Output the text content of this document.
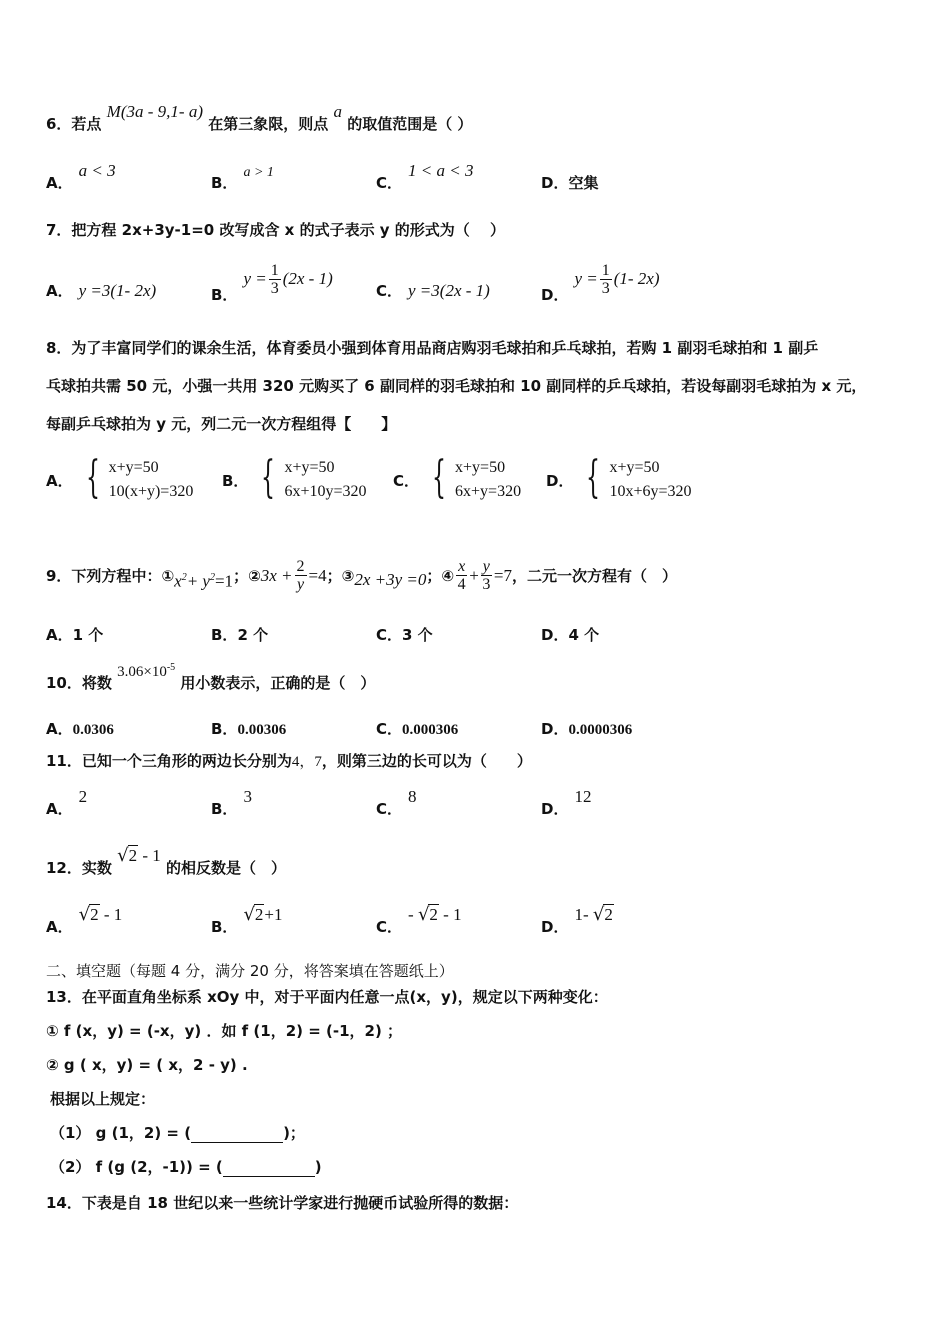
6．若点 M(3a - 9,1- a) 在第三象限，则点 a 的取值范围是（ ）
A．a < 3
B．a > 1
C．1 < a < 3
D．空集
7．把方程 2x+3y-1=0 改写成含 x 的式子表示 y 的形式为（　 ）
A． y =3(1- 2x)	B．$y = \frac{1}{3} (2x - 1)$
C． y =3(2x - 1)	D．$y = \frac{1}{3} (1-$ 2x)
8．为了丰富同学们的课余生活，体育委员小强到体育用品商店购羽毛球拍和乒乓球拍，若购 1 副羽毛球拍和 1 副乒
乓球拍共需 50 元，小强一共用 320 元购买了 6 副同样的羽毛球拍和 10 副同样的乒乓球拍，若设每副羽毛球拍为 x 元，
每副乒乓球拍为 y 元，列二元一次方程组得【　　】
A． { x+y=50
10(x+y)=320
B． { x+y=50
6x+10y=320
C． { x+y=50
6x+y=320
D． { x+y=50
10x+6y=320
9．下列方程中：① $x^2+ y^2=1$ ；② $3x + \frac{2}{y} =4$ ；③ 2x +3y =0 ；④ $\frac{x}{4} + \frac{y}{3} =7$ ，二元一次方程有（　）
A．1 个	B．2 个	C．3 个	D．4 个
10．将数 $3.06\times 10^{-5}$ 用小数表示，正确的是（　）
A．0.0306	B．0.00306	C．0.000306	D．0.0000306
11．已知一个三角形的两边长分别为4，7，则第三边的长可以为（　　）
A．2
B．3
C．8
D．12
12．实数 √2 - 1 的相反数是（　）
A．√2 - 1
B．√2+1
C．- √2 - 1
D．1- √2
二、填空题（每题 4 分，满分 20 分，将答案填在答题纸上）
13．在平面直角坐标系 xOy 中，对于平面内任意一点(x，y)，规定以下两种变化：
① f (x，y) = (-x，y) ．如 f (1，2) = (-1，2) ；
② g ( x，y) = ( x，2 - y) .
根据以上规定：
（1） g (1，2) = (	)；
（2） f (g (2，-1)) = (	)
14．下表是自 18 世纪以来一些统计学家进行抛硬币试验所得的数据：
